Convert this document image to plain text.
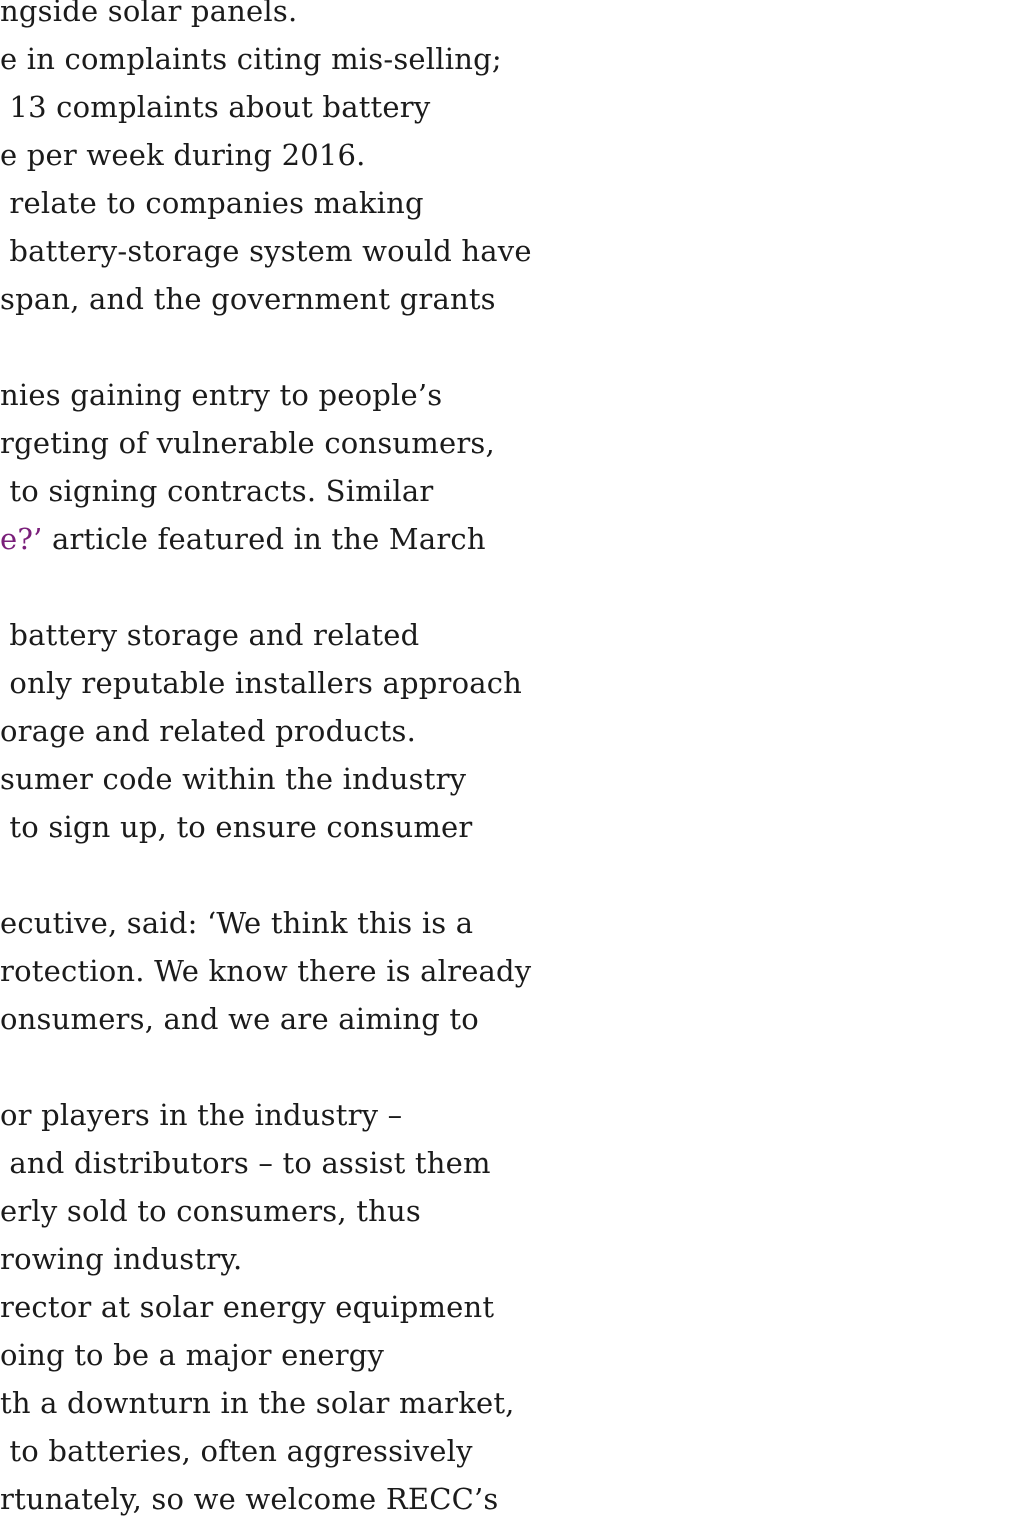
ngside solar panels.
e in complaints citing mis-selling;
13 complaints about battery
e per week during 2016.
relate to companies making
battery-storage system would have
span, and the government grants
nies gaining entry to people’s
rgeting of vulnerable consumers,
to signing contracts. Similar
e?’ article featured in the March
battery storage and related
only reputable installers approach
orage and related products.
sumer code within the industry
to sign up, to ensure consumer
ecutive, said: ‘We think this is a
rotection. We know there is already
onsumers, and we are aiming to
or players in the industry –
and distributors – to assist them
erly sold to consumers, thus
rowing industry.
rector at solar energy equipment
oing to be a major energy
th a downturn in the solar market,
to batteries, often aggressively
rtunately, so we welcome RECC’s
